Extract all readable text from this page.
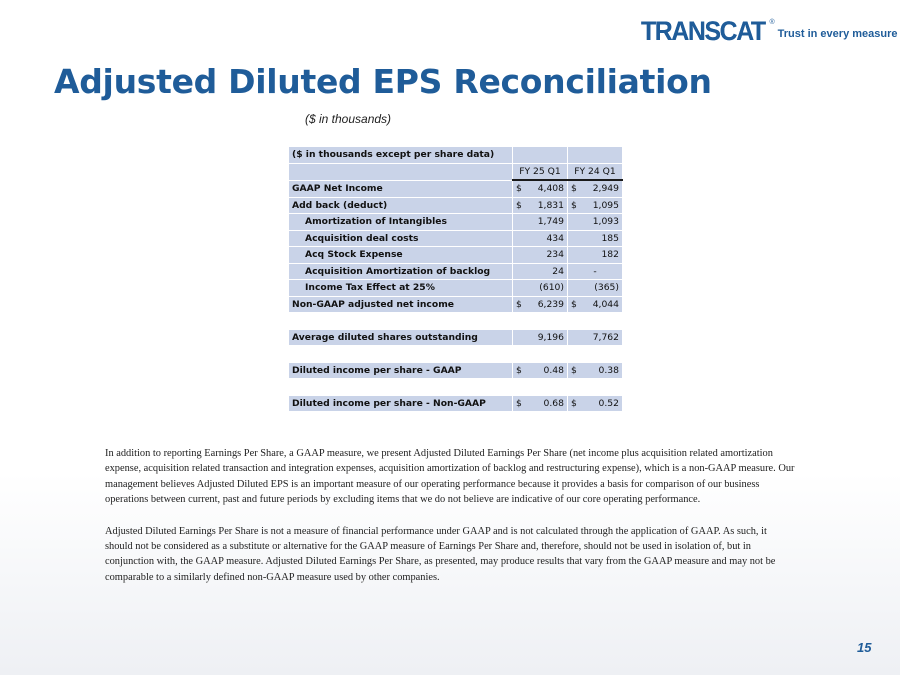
TRANSCAT ®
Trust in every measure
Adjusted Diluted EPS Reconciliation
($ in thousands)
($ in thousands except per share data)		
	FY 25 Q1	FY 24 Q1
GAAP Net Income	$ 4,408	$ 2,949

Add back (deduct)	$ 1,831	$ 1,095

Amortization of Intangibles	1,749	1,093
Acquisition deal costs	434	185
Acq Stock Expense	234	182
Acquisition Amortization of backlog	24	-
Income Tax Effect at 25%	(610)	(365)
Non-GAAP adjusted net income	$ 6,239	$ 4,044

Average diluted shares outstanding	9,196	7,762

Diluted income per share - GAAP	$ 0.48	$ 0.38

Diluted income per share - Non-GAAP	$ 0.68	$ 0.52

In addition to reporting Earnings Per Share, a GAAP measure, we present Adjusted Diluted Earnings Per Share (net income plus acquisition related amortization expense, acquisition related transaction and integration expenses, acquisition amortization of backlog and restructuring expense), which is a non-GAAP measure. Our management believes Adjusted Diluted EPS is an important measure of our operating performance because it provides a basis for comparison of our business operations between current, past and future periods by excluding items that we do not believe are indicative of our core operating performance.

Adjusted Diluted Earnings Per Share is not a measure of financial performance under GAAP and is not calculated through the application of GAAP. As such, it should not be considered as a substitute or alternative for the GAAP measure of Earnings Per Share and, therefore, should not be used in isolation of, but in conjunction with, the GAAP measure. Adjusted Diluted Earnings Per Share, as presented, may produce results that vary from the GAAP measure and may not be comparable to a similarly defined non-GAAP measure used by other companies.

15
